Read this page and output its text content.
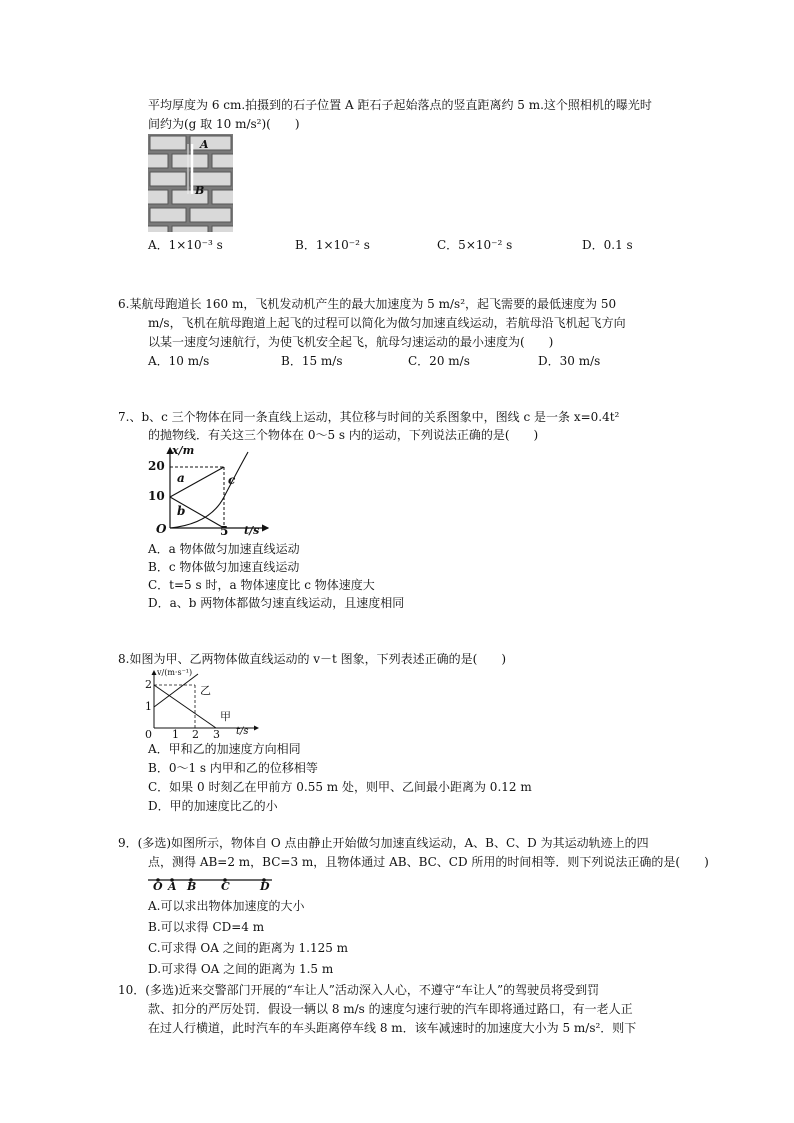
平均厚度为 6 cm.拍摄到的石子位置 A 距石子起始落点的竖直距离约 5 m.这个照相机的曝光时
间约为(g 取 10 m/s²)(　　)
A
B
A．1×10⁻³ s	B．1×10⁻² s	C．5×10⁻² s	D．0.1 s
6.某航母跑道长 160 m，飞机发动机产生的最大加速度为 5 m/s²，起飞需要的最低速度为 50
m/s，飞机在航母跑道上起飞的过程可以简化为做匀加速直线运动，若航母沿飞机起飞方向
以某一速度匀速航行，为使飞机安全起飞，航母匀速运动的最小速度为(　　)
A．10 m/s	B．15 m/s	C．20 m/s	D．30 m/s
7.、b、c 三个物体在同一条直线上运动，其位移与时间的关系图象中，图线 c 是一条 x=0.4t²
的抛物线．有关这三个物体在 0～5 s 内的运动，下列说法正确的是(　　)
x/m
20
10
O	5 t/s
a
b
c
A．a 物体做匀加速直线运动
B．c 物体做匀加速直线运动
C．t=5 s 时，a 物体速度比 c 物体速度大
D．a、b 两物体都做匀速直线运动，且速度相同
8.如图为甲、乙两物体做直线运动的 v－t 图象，下列表述正确的是(　　)
v/(m·s⁻¹)
2
1
0 1 2 3 t/s
乙
甲
A．甲和乙的加速度方向相同
B．0～1 s 内甲和乙的位移相等
C．如果 0 时刻乙在甲前方 0.55 m 处，则甲、乙间最小距离为 0.12 m
D．甲的加速度比乙的小
9．(多选)如图所示，物体自 O 点由静止开始做匀加速直线运动，A、B、C、D 为其运动轨迹上的四
点，测得 AB=2 m，BC=3 m，且物体通过 AB、BC、CD 所用的时间相等．则下列说法正确的是(　　)
O A B C	D
A.可以求出物体加速度的大小
B.可以求得 CD=4 m
C.可求得 OA 之间的距离为 1.125 m
D.可求得 OA 之间的距离为 1.5 m
10．(多选)近来交警部门开展的“车让人”活动深入人心，不遵守“车让人”的驾驶员将受到罚
款、扣分的严厉处罚．假设一辆以 8 m/s 的速度匀速行驶的汽车即将通过路口，有一老人正
在过人行横道，此时汽车的车头距离停车线 8 m．该车减速时的加速度大小为 5 m/s²．则下
